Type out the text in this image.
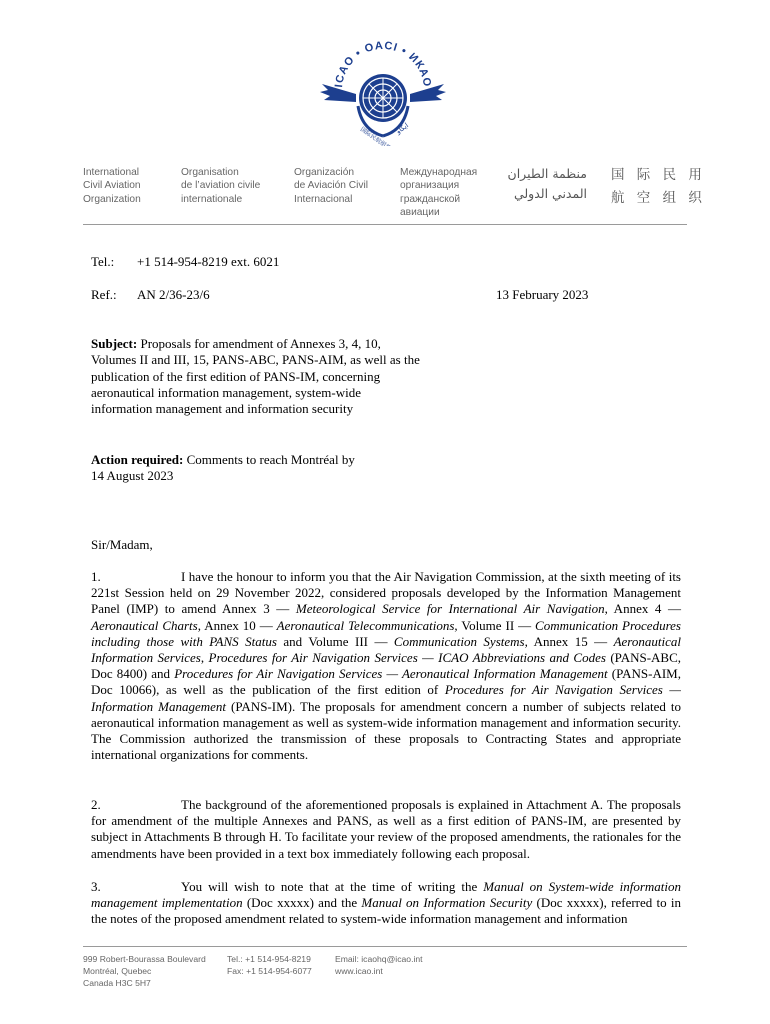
ICAO • OACI • ИКАО
国际民航组织 ايكاو
International
Civil Aviation
Organization
Organisation
de l’aviation civile
internationale
Organización
de Aviación Civil
Internacional
Международная
организация
гражданской
авиации
منظمة الطيران
المدني الدولي
国 际 民 用
航 空 组 织
Tel.: +1 514-954-8219 ext. 6021
Ref.: AN 2/36-23/6	13 February 2023
Subject: Proposals for amendment of Annexes 3, 4, 10, Volumes II and III, 15, PANS-ABC, PANS-AIM, as well as the publication of the first edition of PANS-IM, concerning aeronautical information management, system-wide information management and information security
Action required: Comments to reach Montréal by 14 August 2023
Sir/Madam,
1.	I have the honour to inform you that the Air Navigation Commission, at the sixth meeting of its 221st Session held on 29 November 2022, considered proposals developed by the Information Management Panel (IMP) to amend Annex 3 — Meteorological Service for International Air Navigation, Annex 4 — Aeronautical Charts, Annex 10 — Aeronautical Telecommunications, Volume II — Communication Procedures including those with PANS Status and Volume III — Communication Systems, Annex 15 — Aeronautical Information Services, Procedures for Air Navigation Services — ICAO Abbreviations and Codes (PANS-ABC, Doc 8400) and Procedures for Air Navigation Services — Aeronautical Information Management (PANS-AIM, Doc 10066), as well as the publication of the first edition of Procedures for Air Navigation Services — Information Management (PANS-IM). The proposals for amendment concern a number of subjects related to aeronautical information management as well as system-wide information management and information security. The Commission authorized the transmission of these proposals to Contracting States and appropriate international organizations for comments.
2.	The background of the aforementioned proposals is explained in Attachment A. The proposals for amendment of the multiple Annexes and PANS, as well as a first edition of PANS-IM, are presented by subject in Attachments B through H. To facilitate your review of the proposed amendments, the rationales for the amendments have been provided in a text box immediately following each proposal.
3.	You will wish to note that at the time of writing the Manual on System-wide information management implementation (Doc xxxxx) and the Manual on Information Security (Doc xxxxx), referred to in the notes of the proposed amendment related to system-wide information management and information
999 Robert-Bourassa Boulevard
Montréal, Quebec
Canada H3C 5H7
Tel.: +1 514-954-8219
Fax: +1 514-954-6077
Email: icaohq@icao.int
www.icao.int
